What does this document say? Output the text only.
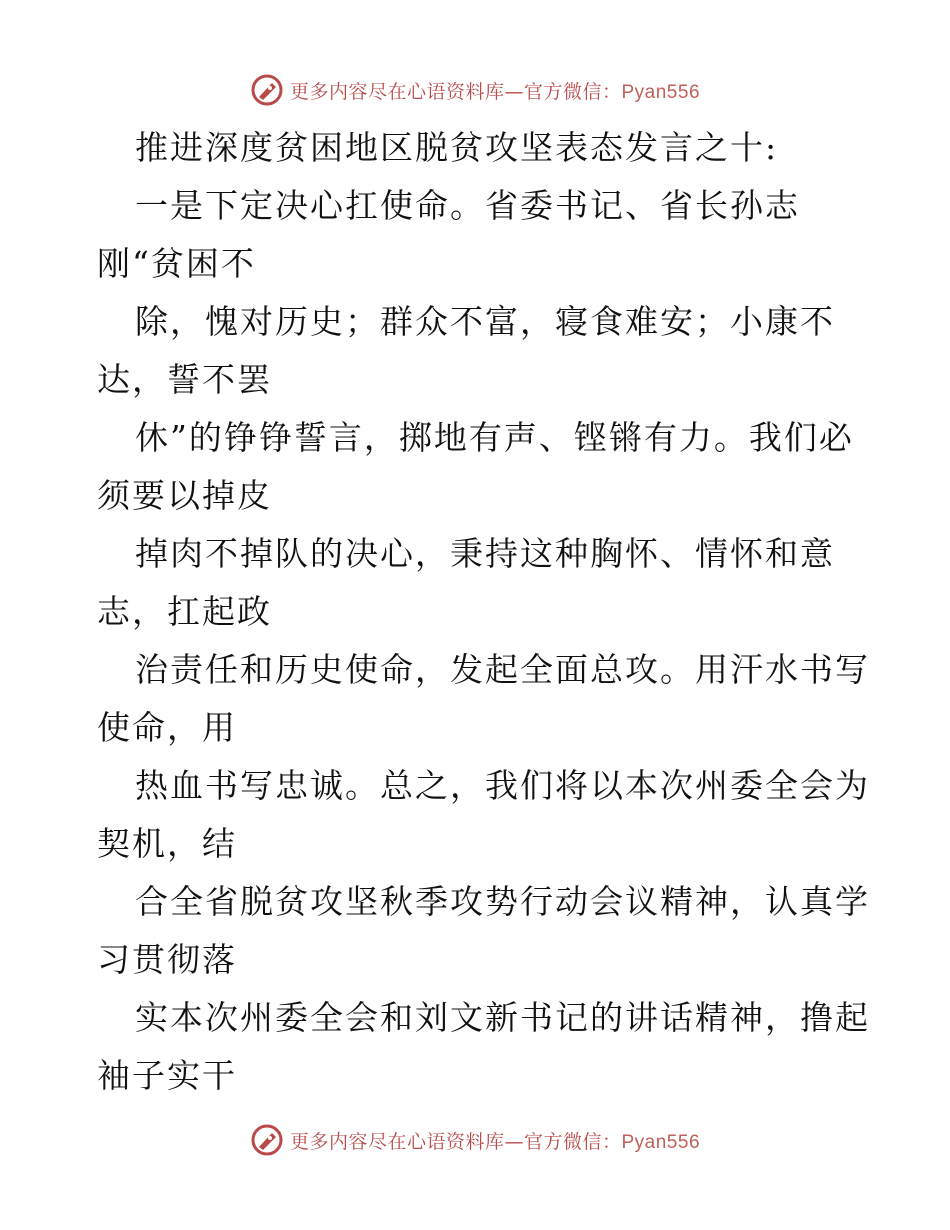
更多内容尽在心语资料库—官方微信：Pyan556
推进深度贫困地区脱贫攻坚表态发言之十:
一是下定决心扛使命。省委书记、省长孙志
刚“贫困不
除，愧对历史；群众不富，寝食难安；小康不
达，誓不罢
休”的铮铮誓言，掷地有声、铿锵有力。我们必
须要以掉皮
掉肉不掉队的决心，秉持这种胸怀、情怀和意
志，扛起政
治责任和历史使命，发起全面总攻。用汗水书写
使命，用
热血书写忠诚。总之，我们将以本次州委全会为
契机，结
合全省脱贫攻坚秋季攻势行动会议精神，认真学
习贯彻落
实本次州委全会和刘文新书记的讲话精神，撸起
袖子实干
更多内容尽在心语资料库—官方微信：Pyan556
